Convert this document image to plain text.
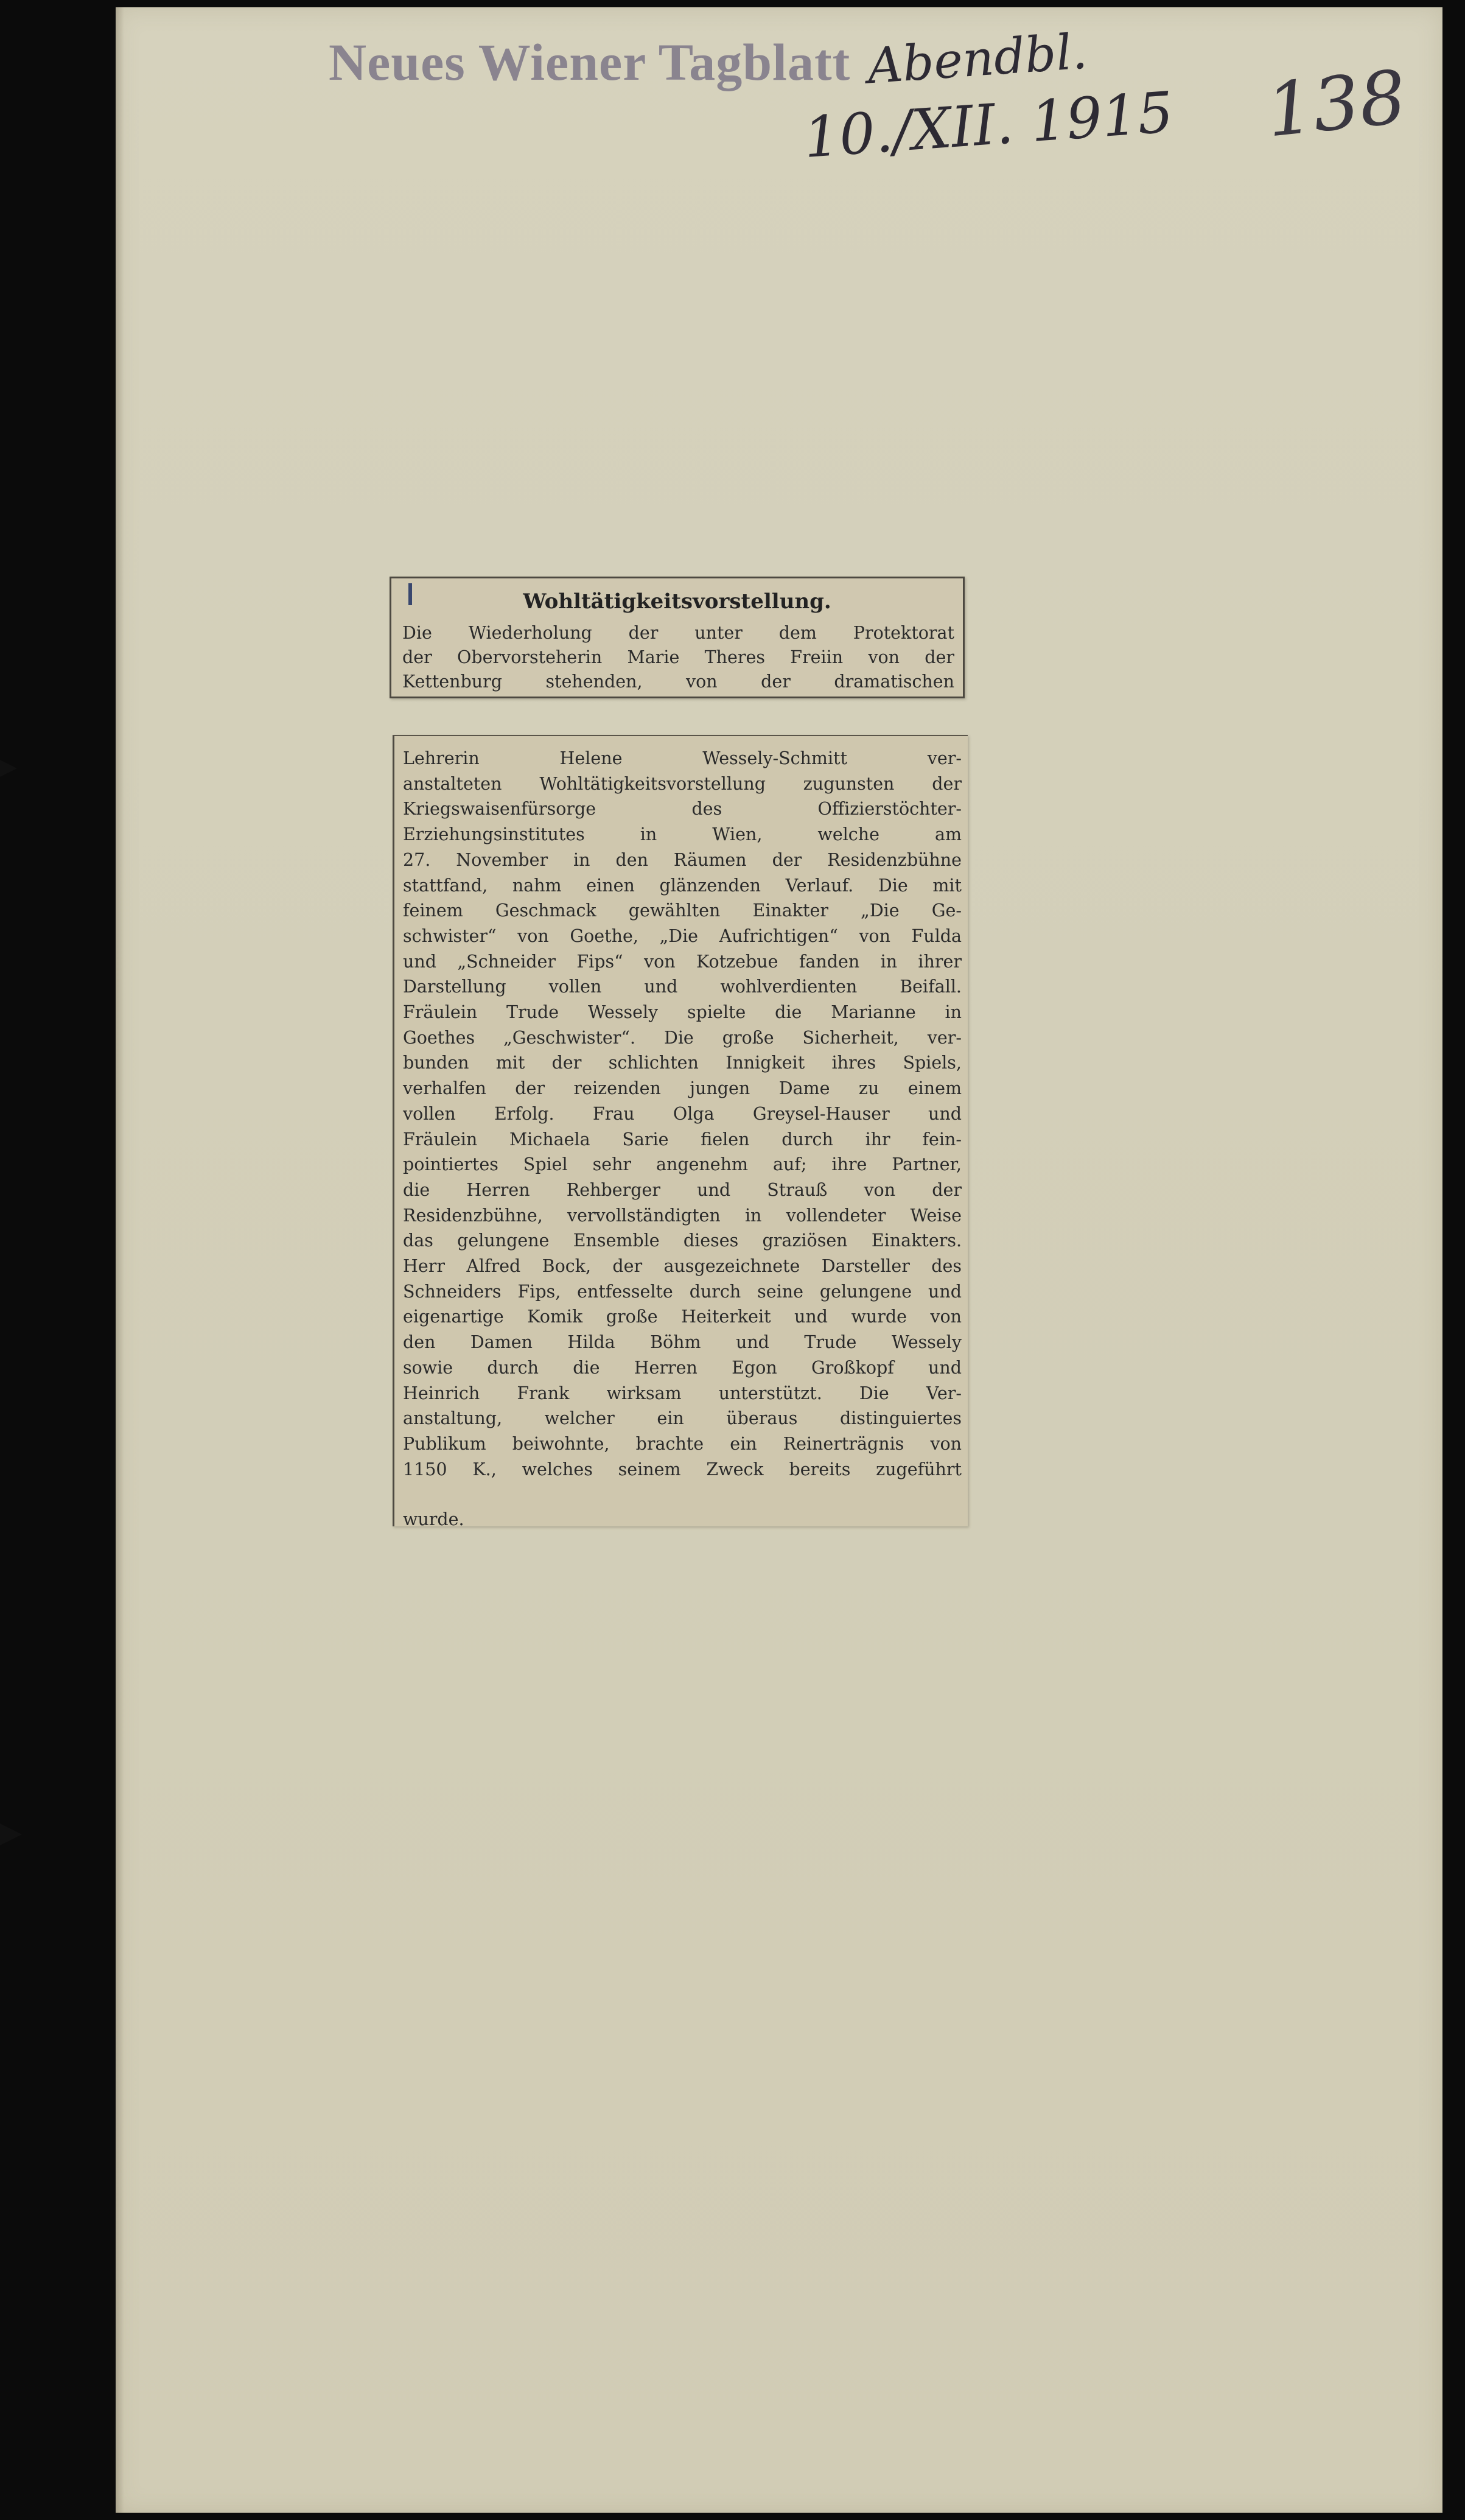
Neues Wiener Tagblatt Abendbl.
10./XII. 1915 138
Wohltätigkeitsvorstellung.
Die Wiederholung der unter dem Protektorat
der Obervorsteherin Marie Theres Freiin von der
Kettenburg stehenden, von der dramatischen
Lehrerin Helene Wessely-Schmitt ver-
anstalteten Wohltätigkeitsvorstellung zugunsten der
Kriegswaisenfürsorge des Offizierstöchter-
Erziehungsinstitutes in Wien, welche am
27. November in den Räumen der Residenzbühne
stattfand, nahm einen glänzenden Verlauf. Die mit
feinem Geschmack gewählten Einakter „Die Ge-
schwister“ von Goethe, „Die Aufrichtigen“ von Fulda
und „Schneider Fips“ von Kotzebue fanden in ihrer
Darstellung vollen und wohlverdienten Beifall.
Fräulein Trude Wessely spielte die Marianne in
Goethes „Geschwister“. Die große Sicherheit, ver-
bunden mit der schlichten Innigkeit ihres Spiels,
verhalfen der reizenden jungen Dame zu einem
vollen Erfolg. Frau Olga Greysel-Hauser und
Fräulein Michaela Sarie fielen durch ihr fein-
pointiertes Spiel sehr angenehm auf; ihre Partner,
die Herren Rehberger und Strauß von der
Residenzbühne, vervollständigten in vollendeter Weise
das gelungene Ensemble dieses graziösen Einakters.
Herr Alfred Bock, der ausgezeichnete Darsteller des
Schneiders Fips, entfesselte durch seine gelungene und
eigenartige Komik große Heiterkeit und wurde von
den Damen Hilda Böhm und Trude Wessely
sowie durch die Herren Egon Großkopf und
Heinrich Frank wirksam unterstützt. Die Ver-
anstaltung, welcher ein überaus distinguiertes
Publikum beiwohnte, brachte ein Reinerträgnis von
1150 K., welches seinem Zweck bereits zugeführt
wurde.
